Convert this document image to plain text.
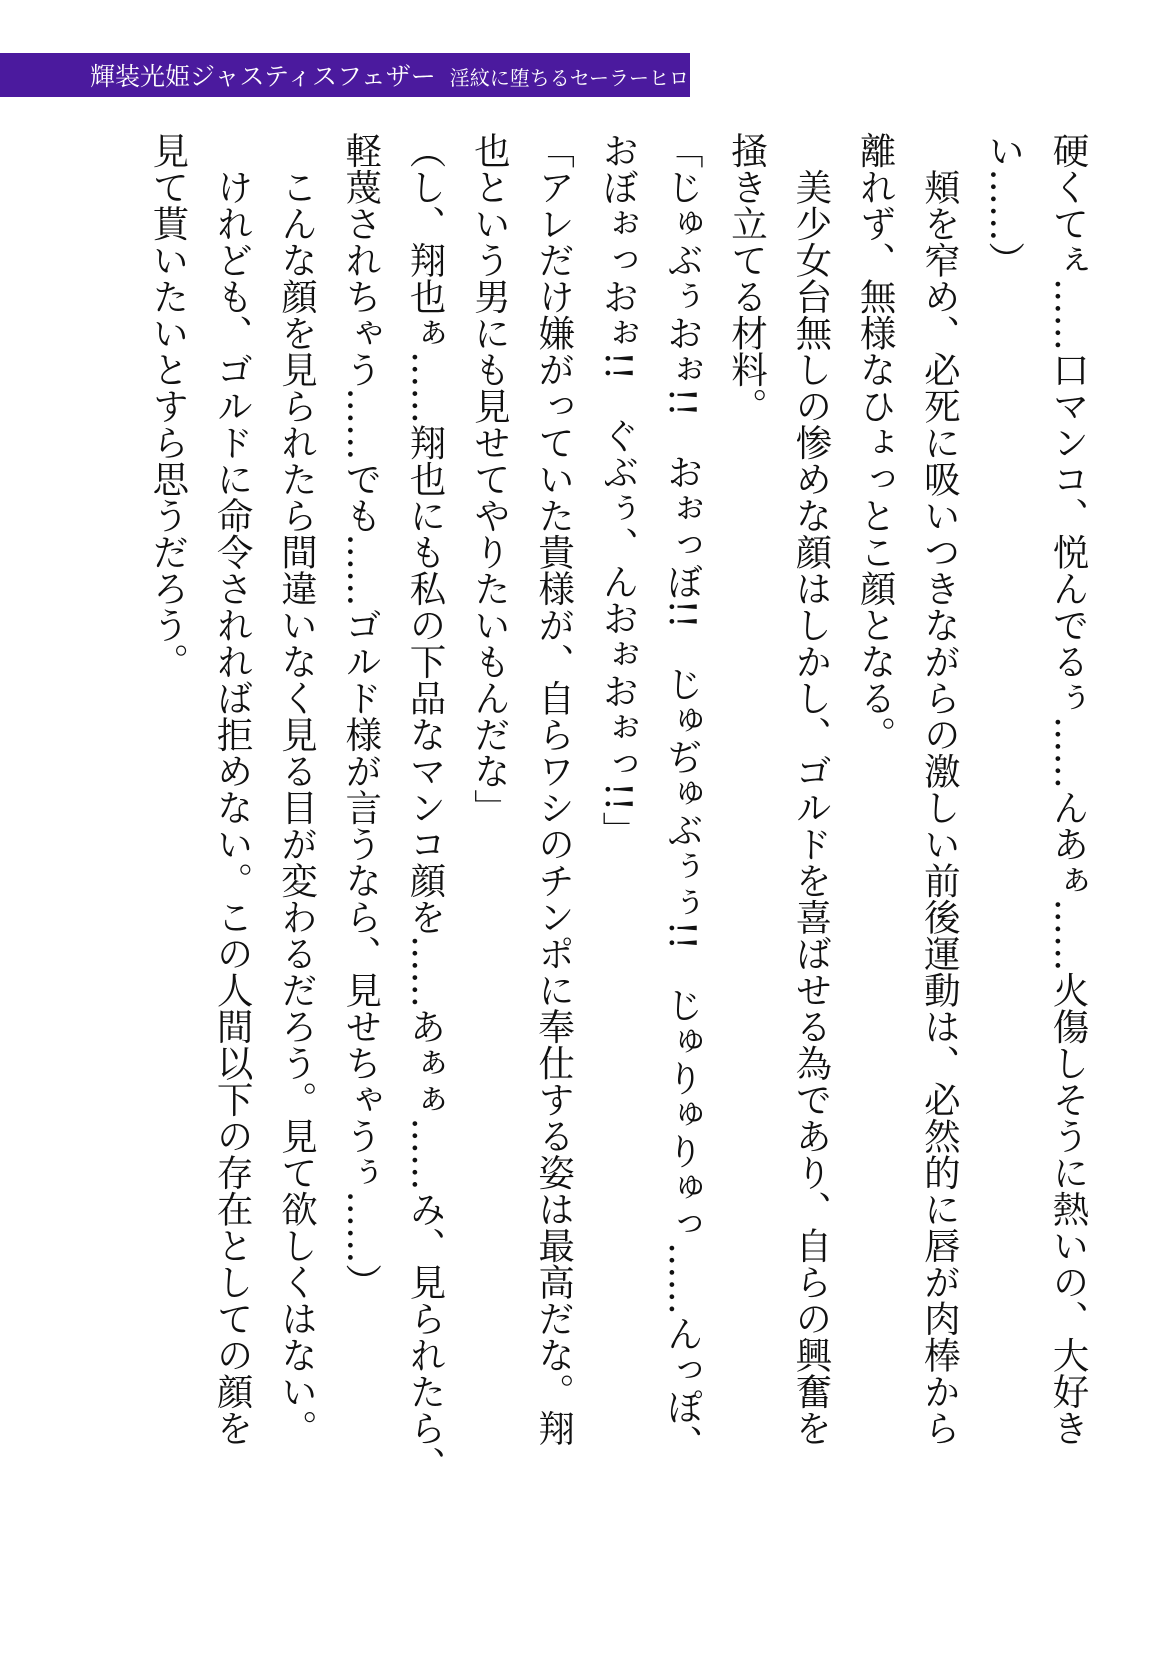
輝装光姫ジャスティスフェザー 淫紋に堕ちるセーラーヒロイン
硬くてぇ……口マンコ、悦んでるぅ……んあぁ……火傷しそうに熱いの、大好き
い……）
　頬を窄め、必死に吸いつきながらの激しい前後運動は、必然的に唇が肉棒から
離れず、無様なひょっとこ顔となる。
　美少女台無しの惨めな顔はしかし、ゴルドを喜ばせる為であり、自らの興奮を
掻き立てる材料。
「じゅぶぅおぉ!!　おぉっぼ!!　じゅぢゅぶぅぅ!!　じゅりゅりゅっ……んっぽ、
おぼぉっおぉ!!　ぐぶぅ、んおぉおぉっ!!」
「アレだけ嫌がっていた貴様が、自らワシのチンポに奉仕する姿は最高だな。翔
也という男にも見せてやりたいもんだな」
（し、翔也ぁ……翔也にも私の下品なマンコ顔を……あぁぁ……み、見られたら、
軽蔑されちゃう……でも……ゴルド様が言うなら、見せちゃうぅ……）
　こんな顔を見られたら間違いなく見る目が変わるだろう。見て欲しくはない。
　けれども、ゴルドに命令されれば拒めない。この人間以下の存在としての顔を
見て貰いたいとすら思うだろう。
